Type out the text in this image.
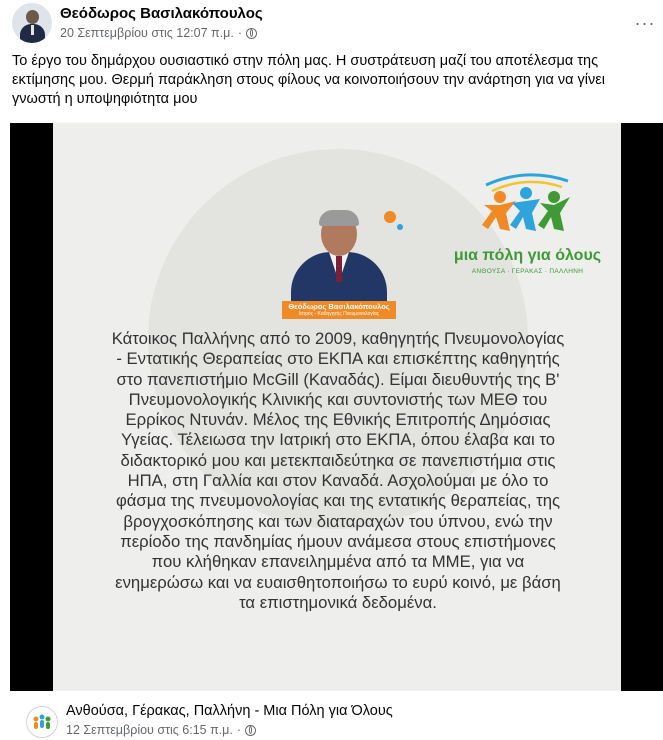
Θεόδωρος Βασιλακόπουλος
20 Σεπτεμβρίου στις 12:07 π.μ. ·	···
Το έργο του δημάρχου ουσιαστικό στην πόλη μας. Η συστράτευση μαζί του αποτέλεσμα της εκτίμησης μου. Θερμή παράκληση στους φίλους να κοινοποιήσουν την ανάρτηση για να γίνει γνωστή η υποψηφιότητα μου
Θεόδωρος Βασιλακόπουλος
Ιατρός - Καθηγητής Πνευμονολογίας
μια πόλη για όλους
ΑΝΘΟΥΣΑ · ΓΕΡΑΚΑΣ · ΠΑΛΛΗΝΗ
Κάτοικος Παλλήνης από το 2009, καθηγητής Πνευμονολογίας - Εντατικής Θεραπείας στο ΕΚΠΑ και επισκέπτης καθηγητής στο πανεπιστήμιο McGill (Καναδάς). Είμαι διευθυντής της Β' Πνευμονολογικής Κλινικής και συντονιστής των ΜΕΘ του Ερρίκος Ντυνάν. Μέλος της Εθνικής Επιτροπής Δημόσιας Υγείας. Τέλειωσα την Ιατρική στο ΕΚΠΑ, όπου έλαβα και το διδακτορικό μου και μετεκπαιδεύτηκα σε πανεπιστήμια στις ΗΠΑ, στη Γαλλία και στον Καναδά. Ασχολούμαι με όλο το φάσμα της πνευμονολογίας και της εντατικής θεραπείας, της βρογχοσκόπησης και των διαταραχών του ύπνου, ενώ την περίοδο της πανδημίας ήμουν ανάμεσα στους επιστήμονες που κλήθηκαν επανειλημμένα από τα ΜΜΕ, για να ενημερώσω και να ευαισθητοποιήσω το ευρύ κοινό, με βάση τα επιστημονικά δεδομένα.
Ανθούσα, Γέρακας, Παλλήνη - Μια Πόλη για Όλους
12 Σεπτεμβρίου στις 6:15 π.μ. ·
